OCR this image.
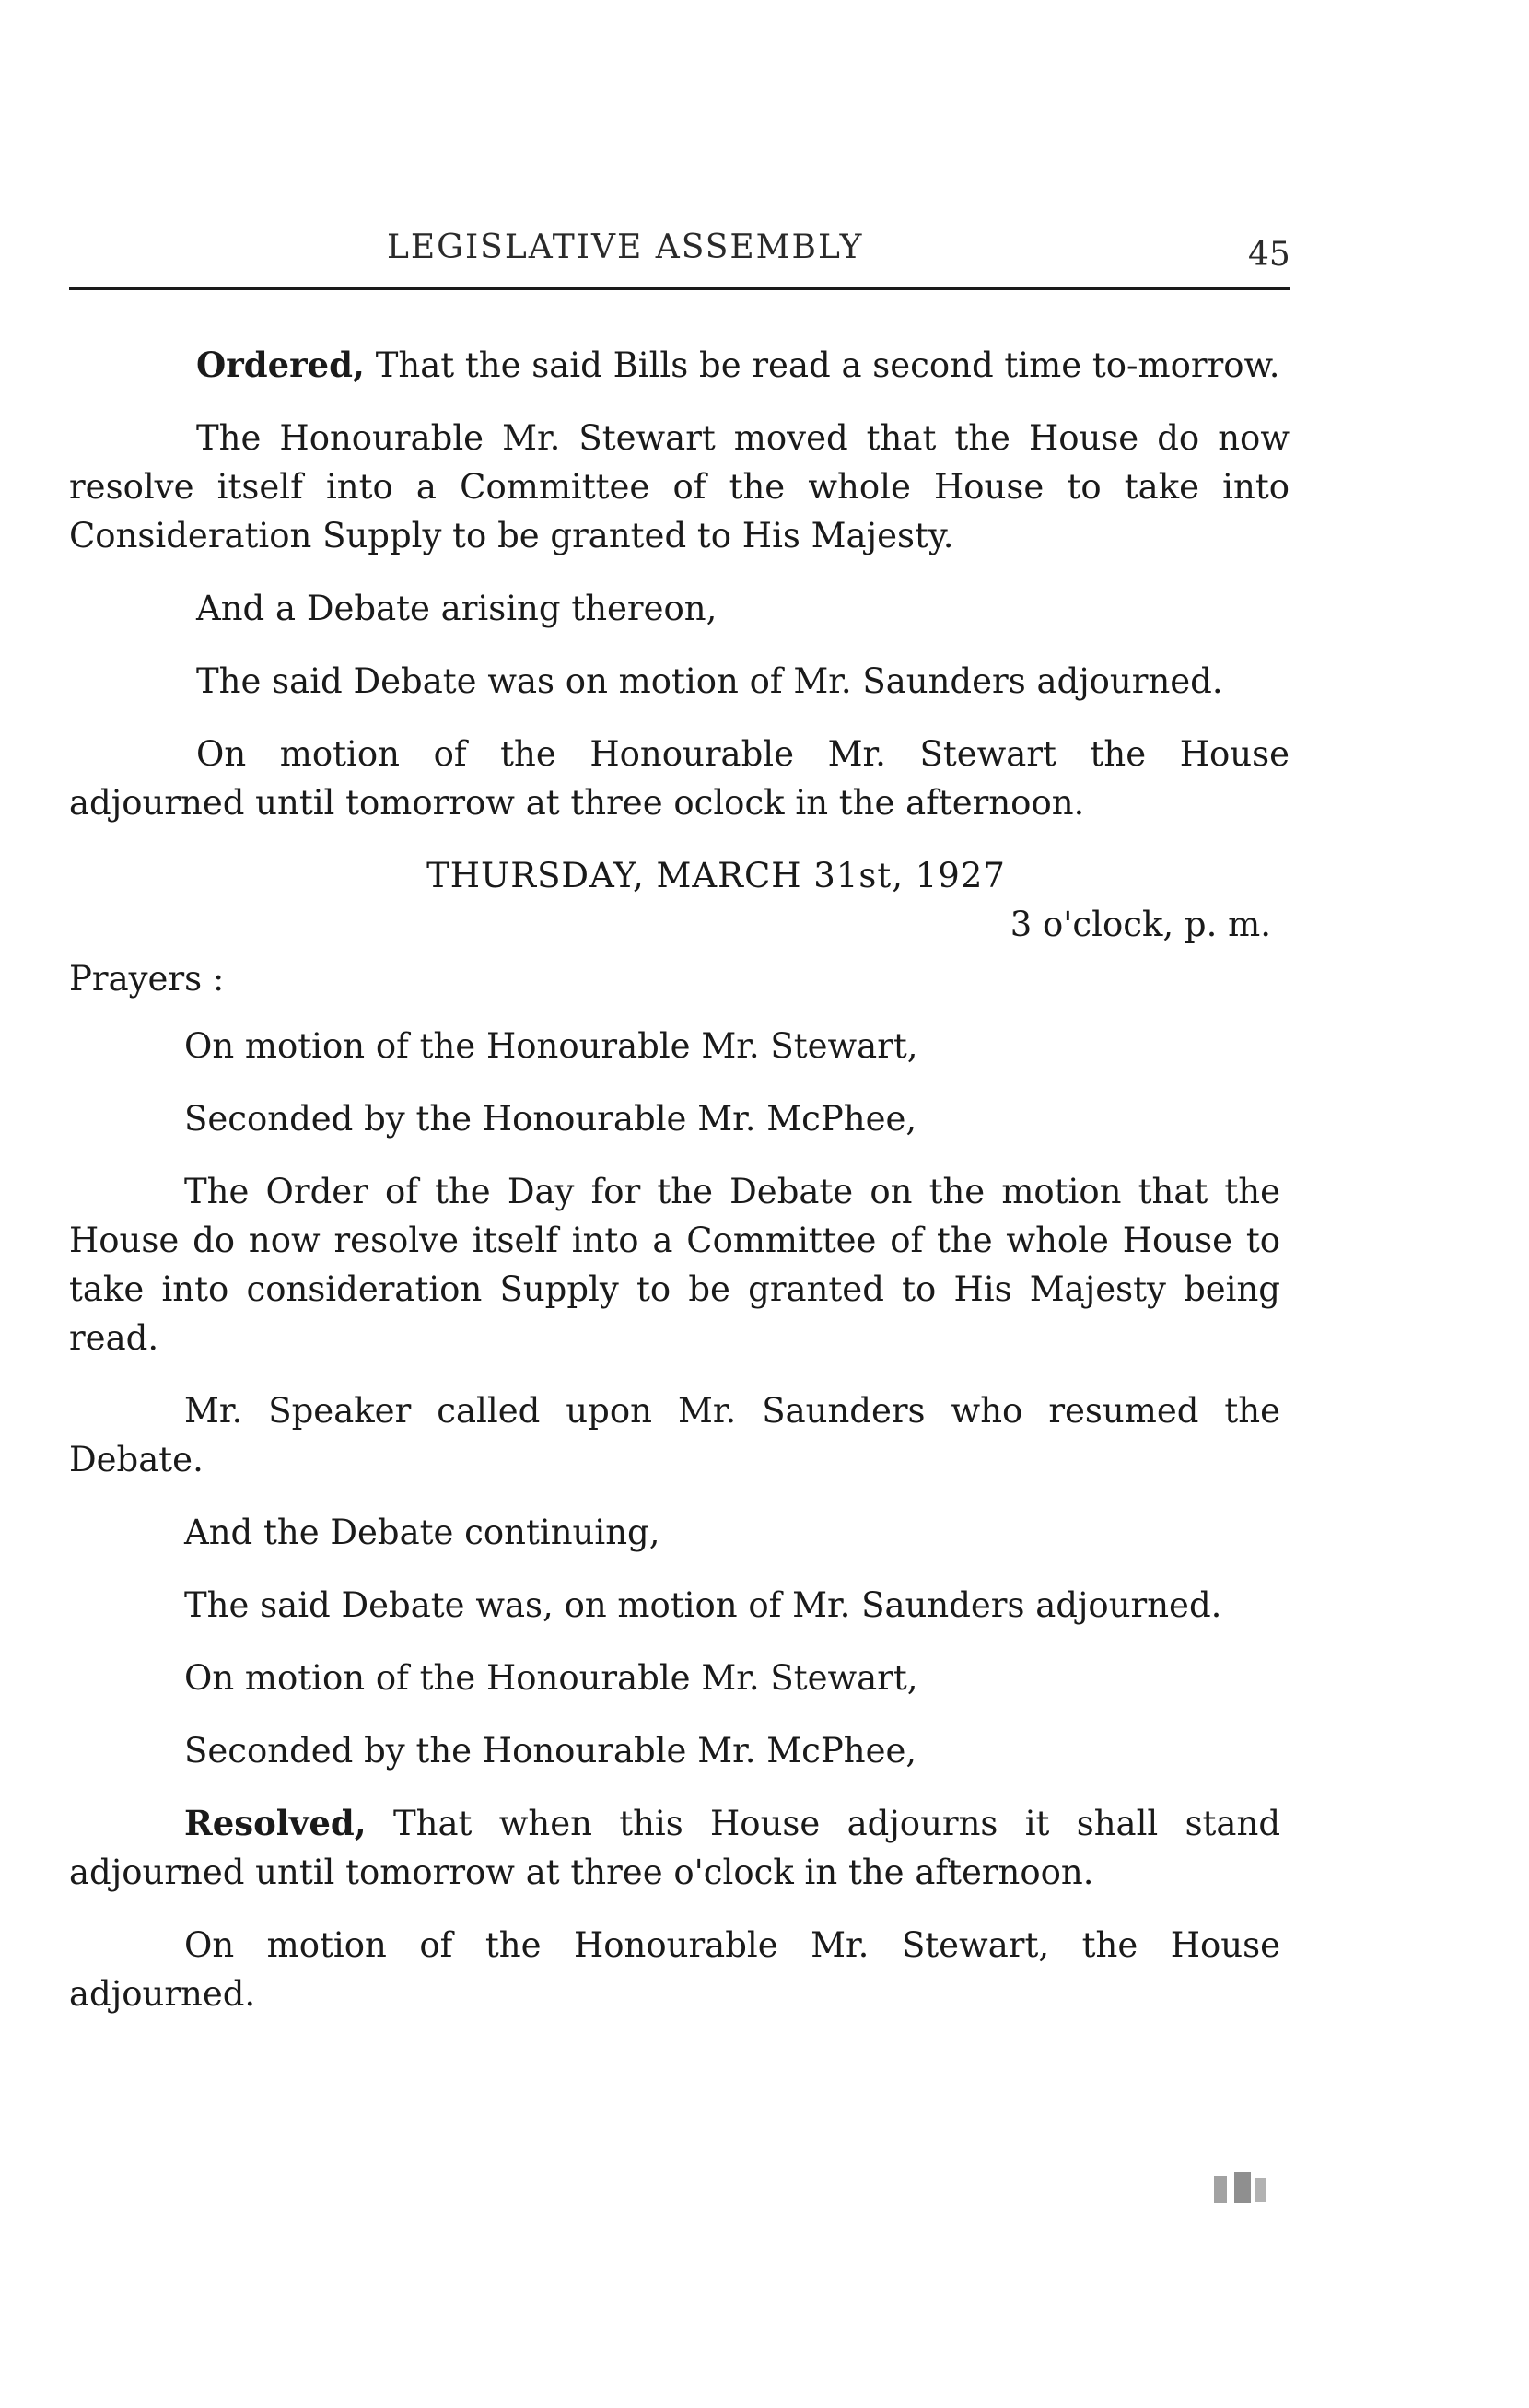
LEGISLATIVE ASSEMBLY	45

Ordered, That the said Bills be read a second time to-morrow.

The Honourable Mr. Stewart moved that the House do now resolve itself into a Committee of the whole House to take into Consideration Supply to be granted to His Majesty.

And a Debate arising thereon,

The said Debate was on motion of Mr. Saunders adjourned.

On motion of the Honourable Mr. Stewart the House adjourned until tomorrow at three oclock in the afternoon.

THURSDAY, MARCH 31st, 1927
3 o'clock, p. m.
Prayers :

On motion of the Honourable Mr. Stewart,

Seconded by the Honourable Mr. McPhee,

The Order of the Day for the Debate on the motion that the House do now resolve itself into a Committee of the whole House to take into consideration Supply to be granted to His Majesty being read.

Mr. Speaker called upon Mr. Saunders who resumed the Debate.

And the Debate continuing,

The said Debate was, on motion of Mr. Saunders adjourned.

On motion of the Honourable Mr. Stewart,

Seconded by the Honourable Mr. McPhee,

Resolved, That when this House adjourns it shall stand adjourned until tomorrow at three o'clock in the afternoon.

On motion of the Honourable Mr. Stewart, the House adjourned.
